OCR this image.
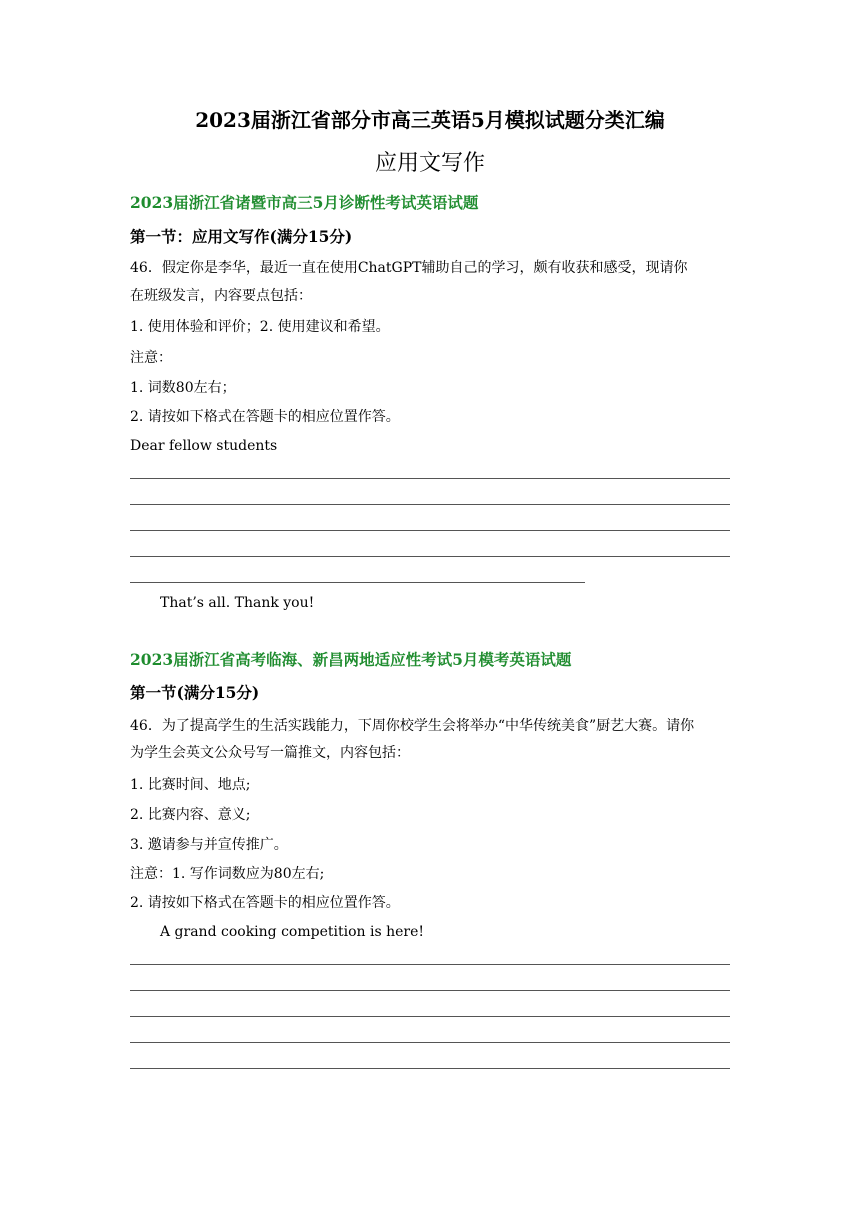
2023届浙江省部分市高三英语5月模拟试题分类汇编
应用文写作
2023届浙江省诸暨市高三5月诊断性考试英语试题
第一节：应用文写作(满分15分)
46．假定你是李华，最近一直在使用ChatGPT辅助自己的学习，颇有收获和感受，现请你
在班级发言，内容要点包括：
1. 使用体验和评价；2. 使用建议和希望。
注意：
1. 词数80左右；
2. 请按如下格式在答题卡的相应位置作答。
Dear fellow students
That’s all. Thank you!
2023届浙江省高考临海、新昌两地适应性考试5月模考英语试题
第一节(满分15分)
46．为了提高学生的生活实践能力，下周你校学生会将举办“中华传统美食”厨艺大赛。请你
为学生会英文公众号写一篇推文，内容包括：
1. 比赛时间、地点;
2. 比赛内容、意义;
3. 邀请参与并宣传推广。
注意：1. 写作词数应为80左右;
2. 请按如下格式在答题卡的相应位置作答。
A grand cooking competition is here!
